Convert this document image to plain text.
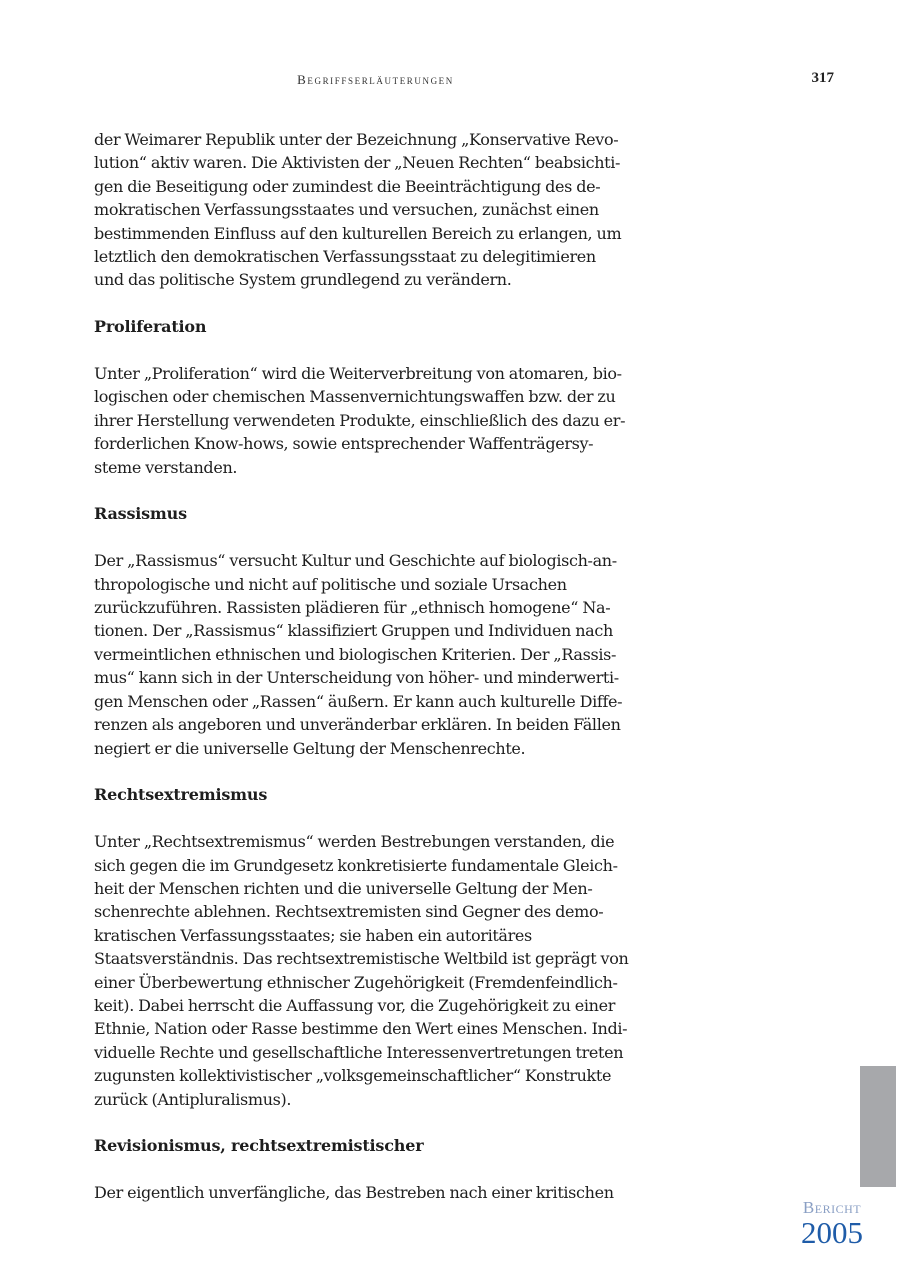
Begriffserläuterungen	317

der Weimarer Republik unter der Bezeichnung „Konservative Revo-

lution“ aktiv waren. Die Aktivisten der „Neuen Rechten“ beabsichti-

gen die Beseitigung oder zumindest die Beeinträchtigung des de-

mokratischen Verfassungsstaates und versuchen, zunächst einen

bestimmenden Einfluss auf den kulturellen Bereich zu erlangen, um

letztlich den demokratischen Verfassungsstaat zu delegitimieren

und das politische System grundlegend zu verändern.

Proliferation

Unter „Proliferation“ wird die Weiterverbreitung von atomaren, bio-

logischen oder chemischen Massenvernichtungswaffen bzw. der zu

ihrer Herstellung verwendeten Produkte, einschließlich des dazu er-

forderlichen Know-hows, sowie entsprechender Waffenträgersy-

steme verstanden.

Rassismus

Der „Rassismus“ versucht Kultur und Geschichte auf biologisch-an-

thropologische und nicht auf politische und soziale Ursachen

zurückzuführen. Rassisten plädieren für „ethnisch homogene“ Na-

tionen. Der „Rassismus“ klassifiziert Gruppen und Individuen nach

vermeintlichen ethnischen und biologischen Kriterien. Der „Rassis-

mus“ kann sich in der Unterscheidung von höher- und minderwerti-

gen Menschen oder „Rassen“ äußern. Er kann auch kulturelle Diffe-

renzen als angeboren und unveränderbar erklären. In beiden Fällen

negiert er die universelle Geltung der Menschenrechte.

Rechtsextremismus

Unter „Rechtsextremismus“ werden Bestrebungen verstanden, die

sich gegen die im Grundgesetz konkretisierte fundamentale Gleich-

heit der Menschen richten und die universelle Geltung der Men-

schenrechte ablehnen. Rechtsextremisten sind Gegner des demo-

kratischen Verfassungsstaates; sie haben ein autoritäres

Staatsverständnis. Das rechtsextremistische Weltbild ist geprägt von

einer Überbewertung ethnischer Zugehörigkeit (Fremdenfeindlich-

keit). Dabei herrscht die Auffassung vor, die Zugehörigkeit zu einer

Ethnie, Nation oder Rasse bestimme den Wert eines Menschen. Indi-

viduelle Rechte und gesellschaftliche Interessenvertretungen treten

zugunsten kollektivistischer „volksgemeinschaftlicher“ Konstrukte

zurück (Antipluralismus).

Revisionismus, rechtsextremistischer

Der eigentlich unverfängliche, das Bestreben nach einer kritischen

Bericht
2005
